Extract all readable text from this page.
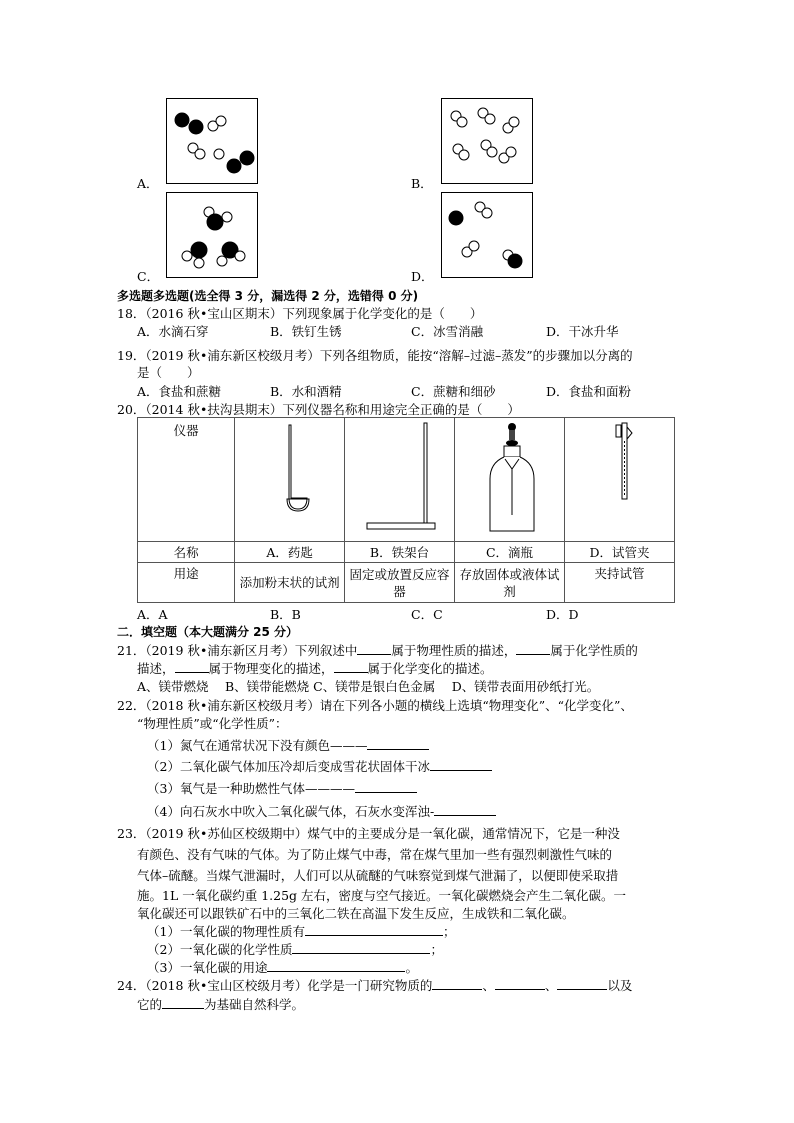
A．	B．
C．	D．
多选题多选题(选全得 3 分，漏选得 2 分，选错得 0 分)
18．（2016 秋•宝山区期末）下列现象属于化学变化的是（　　）
A．水滴石穿	B．铁钉生锈	C．冰雪消融	D．干冰升华
19．（2019 秋•浦东新区校级月考）下列各组物质，能按“溶解–过滤–蒸发”的步骤加以分离的
是（　　）
A．食盐和蔗糖	B．水和酒精	C．蔗糖和细砂	D．食盐和面粉
20．（2014 秋•扶沟县期末）下列仪器名称和用途完全正确的是（　　）
仪器				
名称	A．药匙	B．铁架台	C．滴瓶	D．试管夹
用途	添加粉末状的试剂	固定或放置反应容器	存放固体或液体试剂	夹持试管
A．A	B．B	C．C	D．D
二．填空题（本大题满分 25 分）
21．（2019 秋•浦东新区月考）下列叙述中	属于物理性质的描述，	属于化学性质的
描述，	属于物理变化的描述，	属于化学变化的描述。
A、镁带燃烧　 B、镁带能燃烧 C、镁带是银白色金属　 D、镁带表面用砂纸打光。
22．（2018 秋•浦东新区校级月考）请在下列各小题的横线上选填“物理变化”、“化学变化”、
“物理性质”或“化学性质”：
（1）氮气在通常状况下没有颜色———
（2）二氧化碳气体加压冷却后变成雪花状固体干冰
（3）氧气是一种助燃性气体————
（4）向石灰水中吹入二氧化碳气体，石灰水变浑浊-
23．（2019 秋•苏仙区校级期中）煤气中的主要成分是一氧化碳，通常情况下，它是一种没
有颜色、没有气味的气体。为了防止煤气中毒，常在煤气里加一些有强烈刺激性气味的
气体–硫醚。当煤气泄漏时，人们可以从硫醚的气味察觉到煤气泄漏了，以便即使采取措
施。1L 一氧化碳约重 1.25g 左右，密度与空气接近。一氧化碳燃烧会产生二氧化碳。一
氧化碳还可以跟铁矿石中的三氧化二铁在高温下发生反应，生成铁和二氧化碳。
（1）一氧化碳的物理性质有	；
（2）一氧化碳的化学性质	；
（3）一氧化碳的用途	。
24．（2018 秋•宝山区校级月考）化学是一门研究物质的	、	、	以及
它的	为基础自然科学。
